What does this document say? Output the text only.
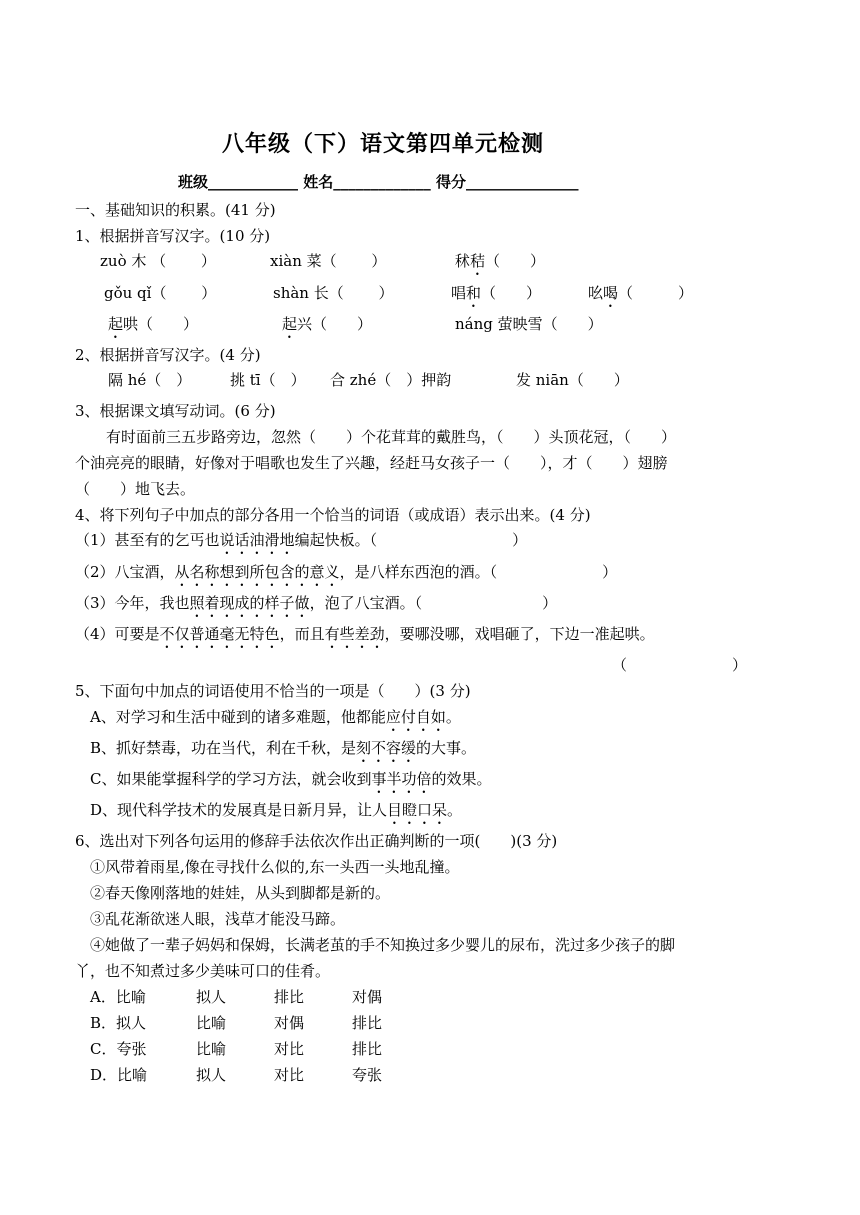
八年级（下）语文第四单元检测
班级____________ 姓名_____________ 得分_______________
一、基础知识的积累。(41 分)
1、根据拼音写汉字。(10 分)
zuò 木 （　　 ）	xiàn 菜（　　 ）	秫秸（　　）
gǒu qǐ（　　 ）	shàn 长（　　 ）	唱和（　　）	吆喝（　　　）
起哄（　　）	起兴（　　）	náng 萤映雪（　　 ）
2、根据拼音写汉字。(4 分)
隔 hé（　）	挑 tī（　） 合 zhé（　）押韵	发 niān（　　）
3、根据课文填写动词。(6 分)
有时面前三五步路旁边，忽然（　　）个花茸茸的戴胜鸟，（　　）头顶花冠，（　　）
个油亮亮的眼睛，好像对于唱歌也发生了兴趣，经赶马女孩子一（　　），才（　　）翅膀
（　　）地飞去。
4、将下列句子中加点的部分各用一个恰当的词语（或成语）表示出来。(4 分)
（1）甚至有的乞丐也说话油滑地编起快板。（　　　　　　　　　）
（2）八宝酒，从名称想到所包含的意义，是八样东西泡的酒。（　　　　　　　）
（3）今年，我也照着现成的样子做，泡了八宝酒。（　　　　　　　　）
（4）可要是不仅普通毫无特色，而且有些差劲，要哪没哪，戏唱砸了，下边一准起哄。
（　　　　　　　）
5、下面句中加点的词语使用不恰当的一项是（　　）(3 分)
A、对学习和生活中碰到的诸多难题，他都能应付自如。
B、抓好禁毒，功在当代，利在千秋，是刻不容缓的大事。
C、如果能掌握科学的学习方法，就会收到事半功倍的效果。
D、现代科学技术的发展真是日新月异，让人目瞪口呆。
6、选出对下列各句运用的修辞手法依次作出正确判断的一项(　　)(3 分)
①风带着雨星,像在寻找什么似的,东一头西一头地乱撞。
②春天像刚落地的娃娃，从头到脚都是新的。
③乱花渐欲迷人眼，浅草才能没马蹄。
④她做了一辈子妈妈和保姆，长满老茧的手不知换过多少婴儿的尿布，洗过多少孩子的脚
丫，也不知煮过多少美味可口的佳肴。
A．比喻	拟人	排比	对偶
B．拟人	比喻	对偶	排比
C．夸张	比喻	对比	排比
D．比喻	拟人	对比	夸张
